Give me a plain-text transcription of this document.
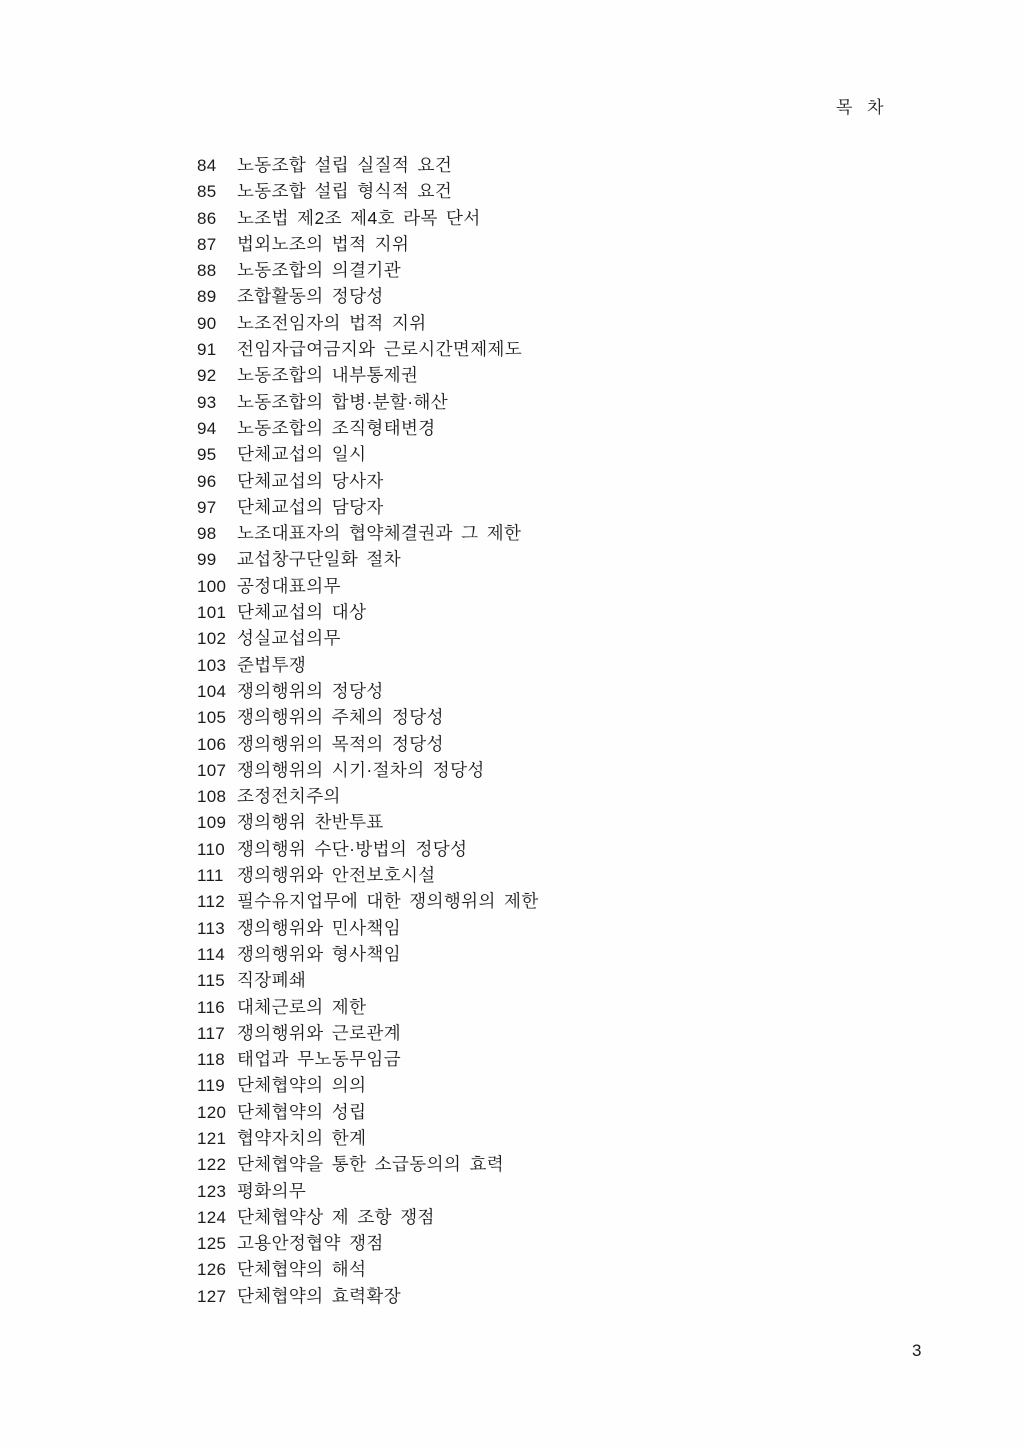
목 차
84	노동조합 설립 실질적 요건
85	노동조합 설립 형식적 요건
86	노조법 제2조 제4호 라목 단서
87	법외노조의 법적 지위
88	노동조합의 의결기관
89	조합활동의 정당성
90	노조전임자의 법적 지위
91	전임자급여금지와 근로시간면제제도
92	노동조합의 내부통제권
93	노동조합의 합병·분할·해산
94	노동조합의 조직형태변경
95	단체교섭의 일시
96	단체교섭의 당사자
97	단체교섭의 담당자
98	노조대표자의 협약체결권과 그 제한
99	교섭창구단일화 절차
100 공정대표의무
101 단체교섭의 대상
102 성실교섭의무
103 준법투쟁
104 쟁의행위의 정당성
105 쟁의행위의 주체의 정당성
106 쟁의행위의 목적의 정당성
107 쟁의행위의 시기·절차의 정당성
108 조정전치주의
109 쟁의행위 찬반투표
110 쟁의행위 수단·방법의 정당성
111 쟁의행위와 안전보호시설
112 필수유지업무에 대한 쟁의행위의 제한
113 쟁의행위와 민사책임
114 쟁의행위와 형사책임
115 직장폐쇄
116 대체근로의 제한
117 쟁의행위와 근로관계
118 태업과 무노동무임금
119 단체협약의 의의
120 단체협약의 성립
121 협약자치의 한계
122 단체협약을 통한 소급동의의 효력
123 평화의무
124 단체협약상 제 조항 쟁점
125 고용안정협약 쟁점
126 단체협약의 해석
127 단체협약의 효력확장
3
